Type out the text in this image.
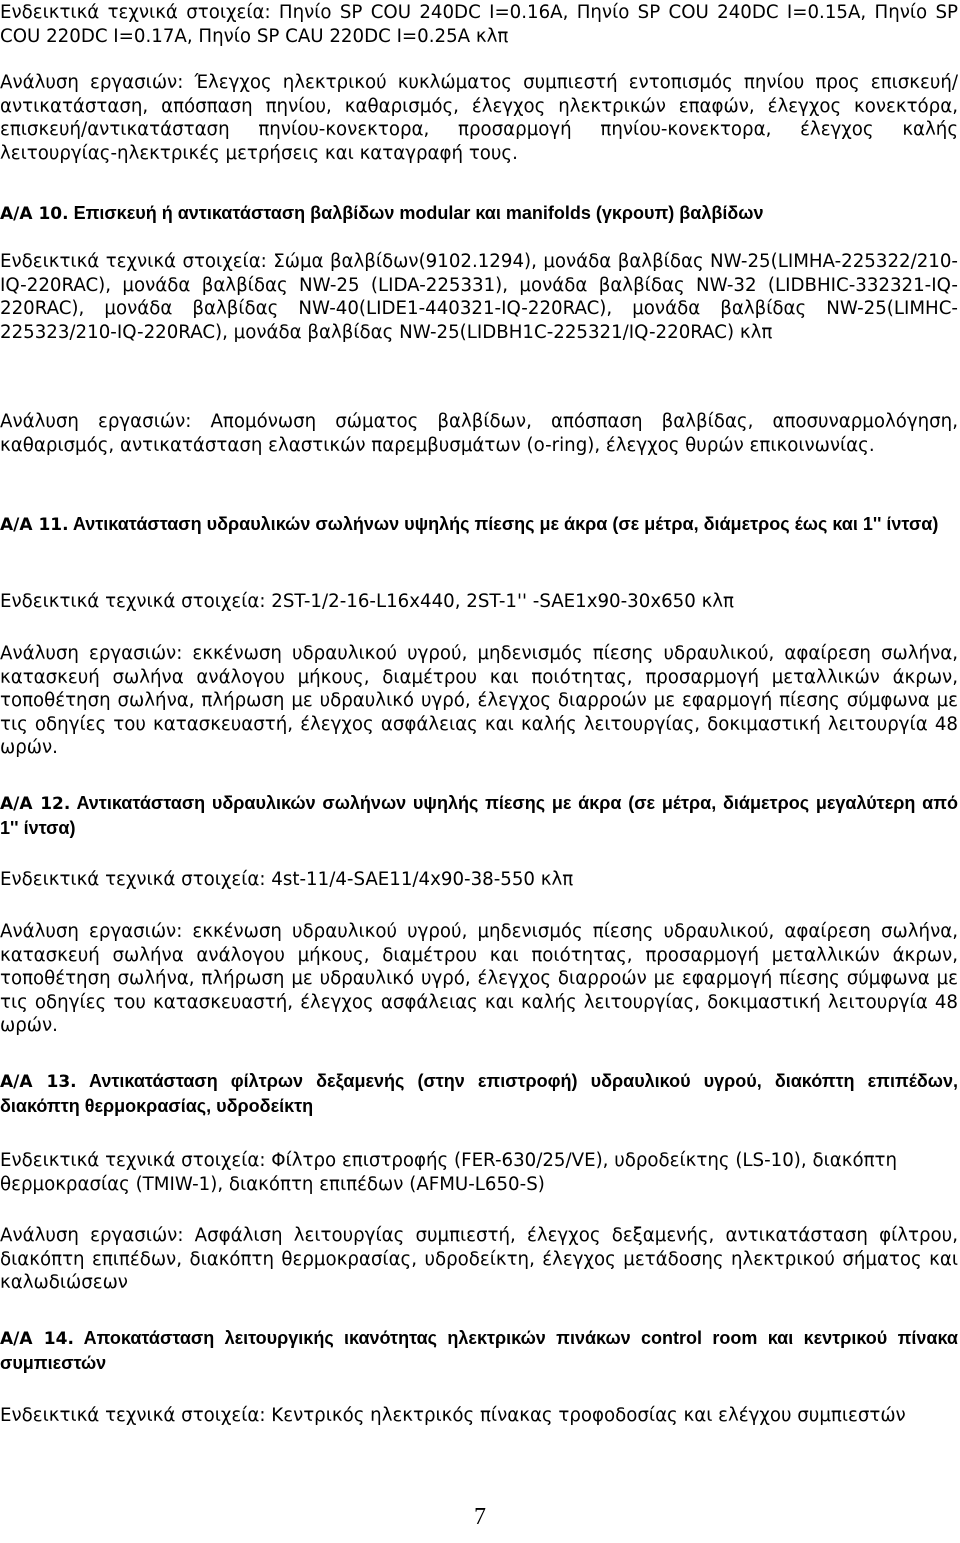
Ενδεικτικά τεχνικά στοιχεία: Πηνίο SP COU 240DC I=0.16A, Πηνίο SP COU 240DC I=0.15A, Πηνίο SP COU 220DC I=0.17A, Πηνίο SP CAU 220DC I=0.25A κλπ

Ανάλυση εργασιών: Έλεγχος ηλεκτρικού κυκλώματος συμπιεστή εντοπισμός πηνίου προς επισκευή/αντικατάσταση, απόσπαση πηνίου, καθαρισμός, έλεγχος ηλεκτρικών επαφών, έλεγχος κονεκτόρα, επισκευή/αντικατάσταση πηνίου-κονεκτορα, προσαρμογή πηνίου-κονεκτορα, έλεγχος καλής λειτουργίας-ηλεκτρικές μετρήσεις και καταγραφή τους.

Α/Α 10. Επισκευή ή αντικατάσταση βαλβίδων modular και manifolds (γκρουπ) βαλβίδων

Ενδεικτικά τεχνικά στοιχεία: Σώμα βαλβίδων(9102.1294), μονάδα βαλβίδας NW-25(LIMHA-225322/210-IQ-220RAC), μονάδα βαλβίδας NW-25 (LIDA-225331), μονάδα βαλβίδας NW-32 (LIDBHIC-332321-IQ-220RAC), μονάδα βαλβίδας NW-40(LIDE1-440321-IQ-220RAC), μονάδα βαλβίδας NW-25(LIMHC-225323/210-IQ-220RAC), μονάδα βαλβίδας NW-25(LIDBH1C-225321/IQ-220RAC) κλπ

Ανάλυση εργασιών: Απομόνωση σώματος βαλβίδων, απόσπαση βαλβίδας, αποσυναρμολόγηση, καθαρισμός, αντικατάσταση ελαστικών παρεμβυσμάτων (o-ring), έλεγχος θυρών επικοινωνίας.

Α/Α 11. Αντικατάσταση υδραυλικών σωλήνων υψηλής πίεσης με άκρα (σε μέτρα, διάμετρος έως και 1'' ίντσα)

Ενδεικτικά τεχνικά στοιχεία: 2ST-1/2-16-L16x440, 2ST-1'' -SAE1x90-30x650 κλπ

Ανάλυση εργασιών: εκκένωση υδραυλικού υγρού, μηδενισμός πίεσης υδραυλικού, αφαίρεση σωλήνα, κατασκευή σωλήνα ανάλογου μήκους, διαμέτρου και ποιότητας, προσαρμογή μεταλλικών άκρων, τοποθέτηση σωλήνα, πλήρωση με υδραυλικό υγρό, έλεγχος διαρροών με εφαρμογή πίεσης σύμφωνα με τις οδηγίες του κατασκευαστή, έλεγχος ασφάλειας και καλής λειτουργίας, δοκιμαστική λειτουργία 48 ωρών.

Α/Α 12. Αντικατάσταση υδραυλικών σωλήνων υψηλής πίεσης με άκρα (σε μέτρα, διάμετρος μεγαλύτερη από 1'' ίντσα)

Ενδεικτικά τεχνικά στοιχεία: 4st-11/4-SAE11/4x90-38-550 κλπ

Ανάλυση εργασιών: εκκένωση υδραυλικού υγρού, μηδενισμός πίεσης υδραυλικού, αφαίρεση σωλήνα, κατασκευή σωλήνα ανάλογου μήκους, διαμέτρου και ποιότητας, προσαρμογή μεταλλικών άκρων, τοποθέτηση σωλήνα, πλήρωση με υδραυλικό υγρό, έλεγχος διαρροών με εφαρμογή πίεσης σύμφωνα με τις οδηγίες του κατασκευαστή, έλεγχος ασφάλειας και καλής λειτουργίας, δοκιμαστική λειτουργία 48 ωρών.

Α/Α 13. Αντικατάσταση φίλτρων δεξαμενής (στην επιστροφή) υδραυλικού υγρού, διακόπτη επιπέδων, διακόπτη θερμοκρασίας, υδροδείκτη

Ενδεικτικά τεχνικά στοιχεία: Φίλτρο επιστροφής (FER-630/25/VE), υδροδείκτης (LS-10), διακόπτη θερμοκρασίας (TMIW-1), διακόπτη επιπέδων (AFMU-L650-S)

Ανάλυση εργασιών: Ασφάλιση λειτουργίας συμπιεστή, έλεγχος δεξαμενής, αντικατάσταση φίλτρου, διακόπτη επιπέδων, διακόπτη θερμοκρασίας, υδροδείκτη, έλεγχος μετάδοσης ηλεκτρικού σήματος και καλωδιώσεων

Α/Α 14. Αποκατάσταση λειτουργικής ικανότητας ηλεκτρικών πινάκων control room και κεντρικού πίνακα συμπιεστών

Ενδεικτικά τεχνικά στοιχεία: Κεντρικός ηλεκτρικός πίνακας τροφοδοσίας και ελέγχου συμπιεστών

7
